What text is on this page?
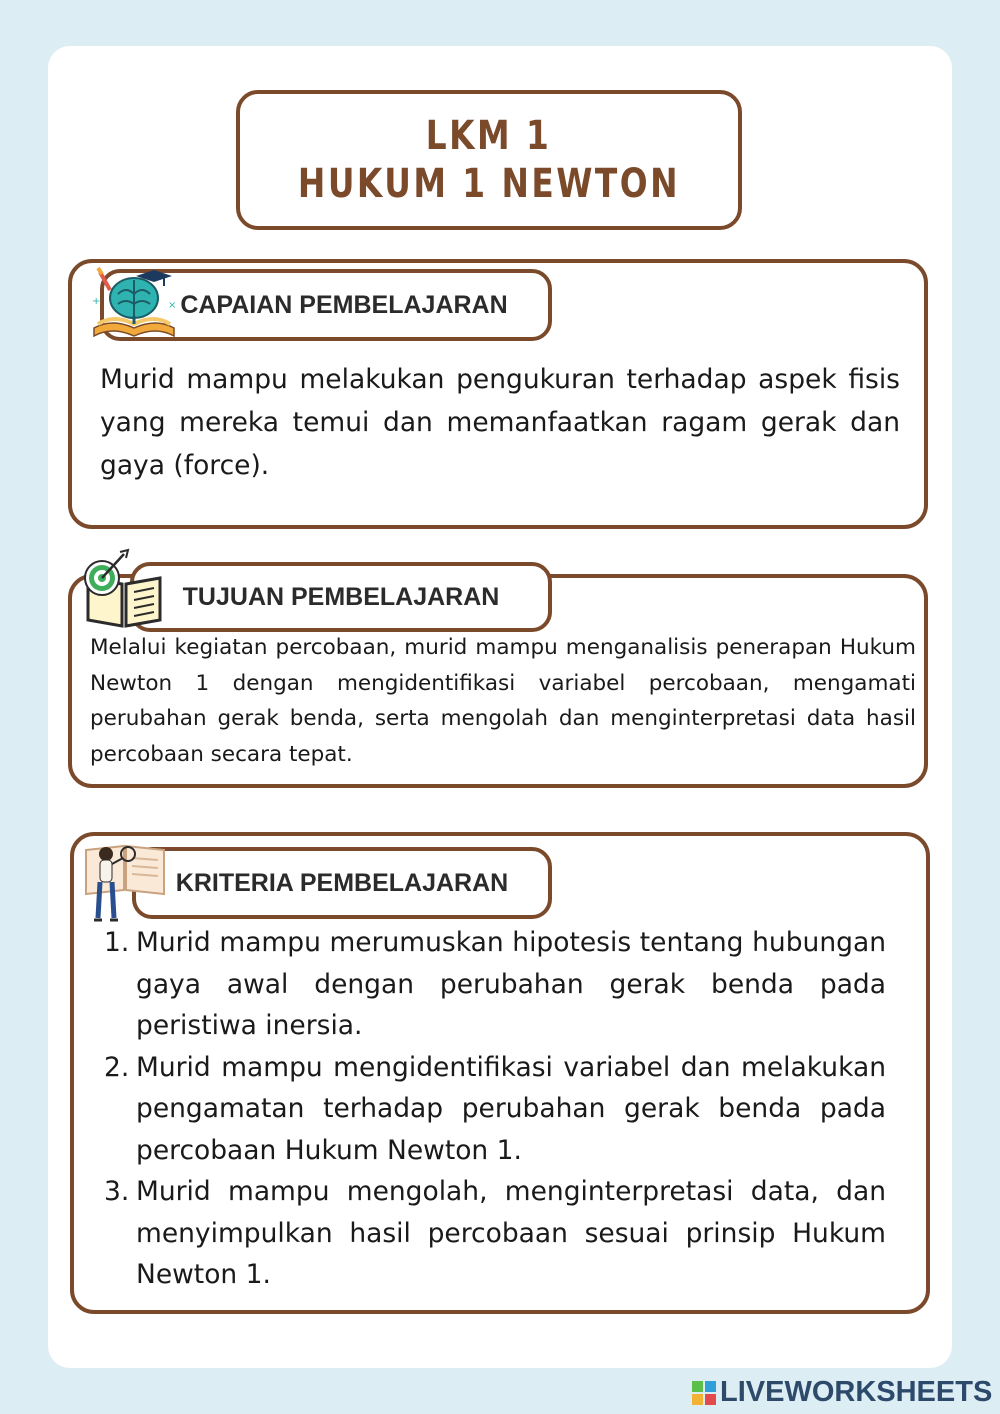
LKM 1
HUKUM 1 NEWTON
CAPAIAN PEMBELAJARAN
+	×
Murid mampu melakukan pengukuran terhadap aspek fisis yang mereka temui dan memanfaatkan ragam gerak dan gaya (force).
TUJUAN PEMBELAJARAN
Melalui kegiatan percobaan, murid mampu menganalisis penerapan Hukum Newton 1 dengan mengidentifikasi variabel percobaan, mengamati perubahan gerak benda, serta mengolah dan menginterpretasi data hasil percobaan secara tepat.
KRITERIA PEMBELAJARAN
1. Murid mampu merumuskan hipotesis tentang hubungan gaya awal dengan perubahan gerak benda pada peristiwa inersia.
2. Murid mampu mengidentifikasi variabel dan melakukan pengamatan terhadap perubahan gerak benda pada percobaan Hukum Newton 1.
3. Murid mampu mengolah, menginterpretasi data, dan menyimpulkan hasil percobaan sesuai prinsip Hukum Newton 1.
LIVEWORKSHEETS
